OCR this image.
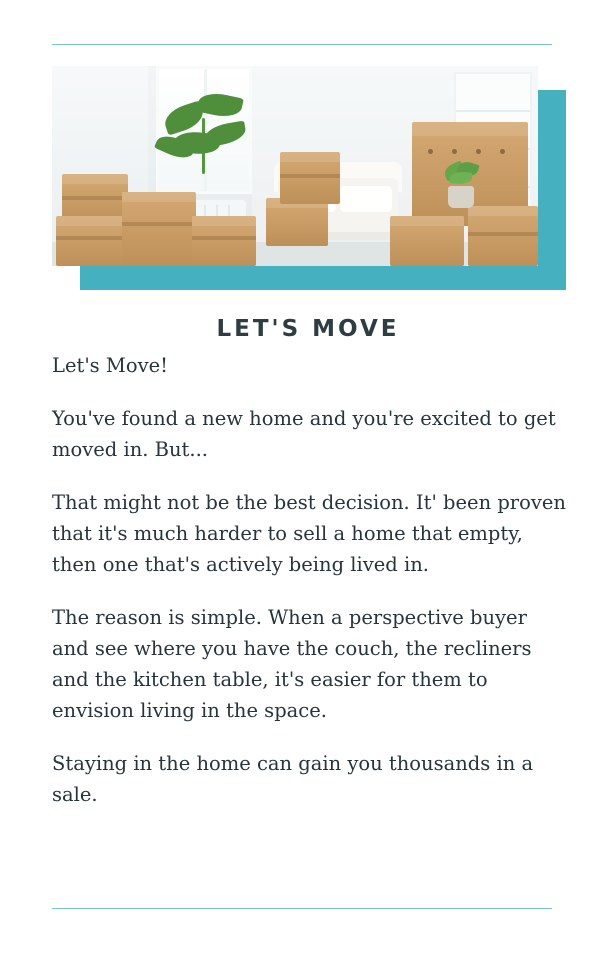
LET'S MOVE

Let's Move!

You've found a new home and you're excited to get moved in. But...

That might not be the best decision. It' been proven that it's much harder to sell a home that empty, then one that's actively being lived in.

The reason is simple. When a perspective buyer and see where you have the couch, the recliners and the kitchen table, it's easier for them to envision living in the space.

Staying in the home can gain you thousands in a sale.
